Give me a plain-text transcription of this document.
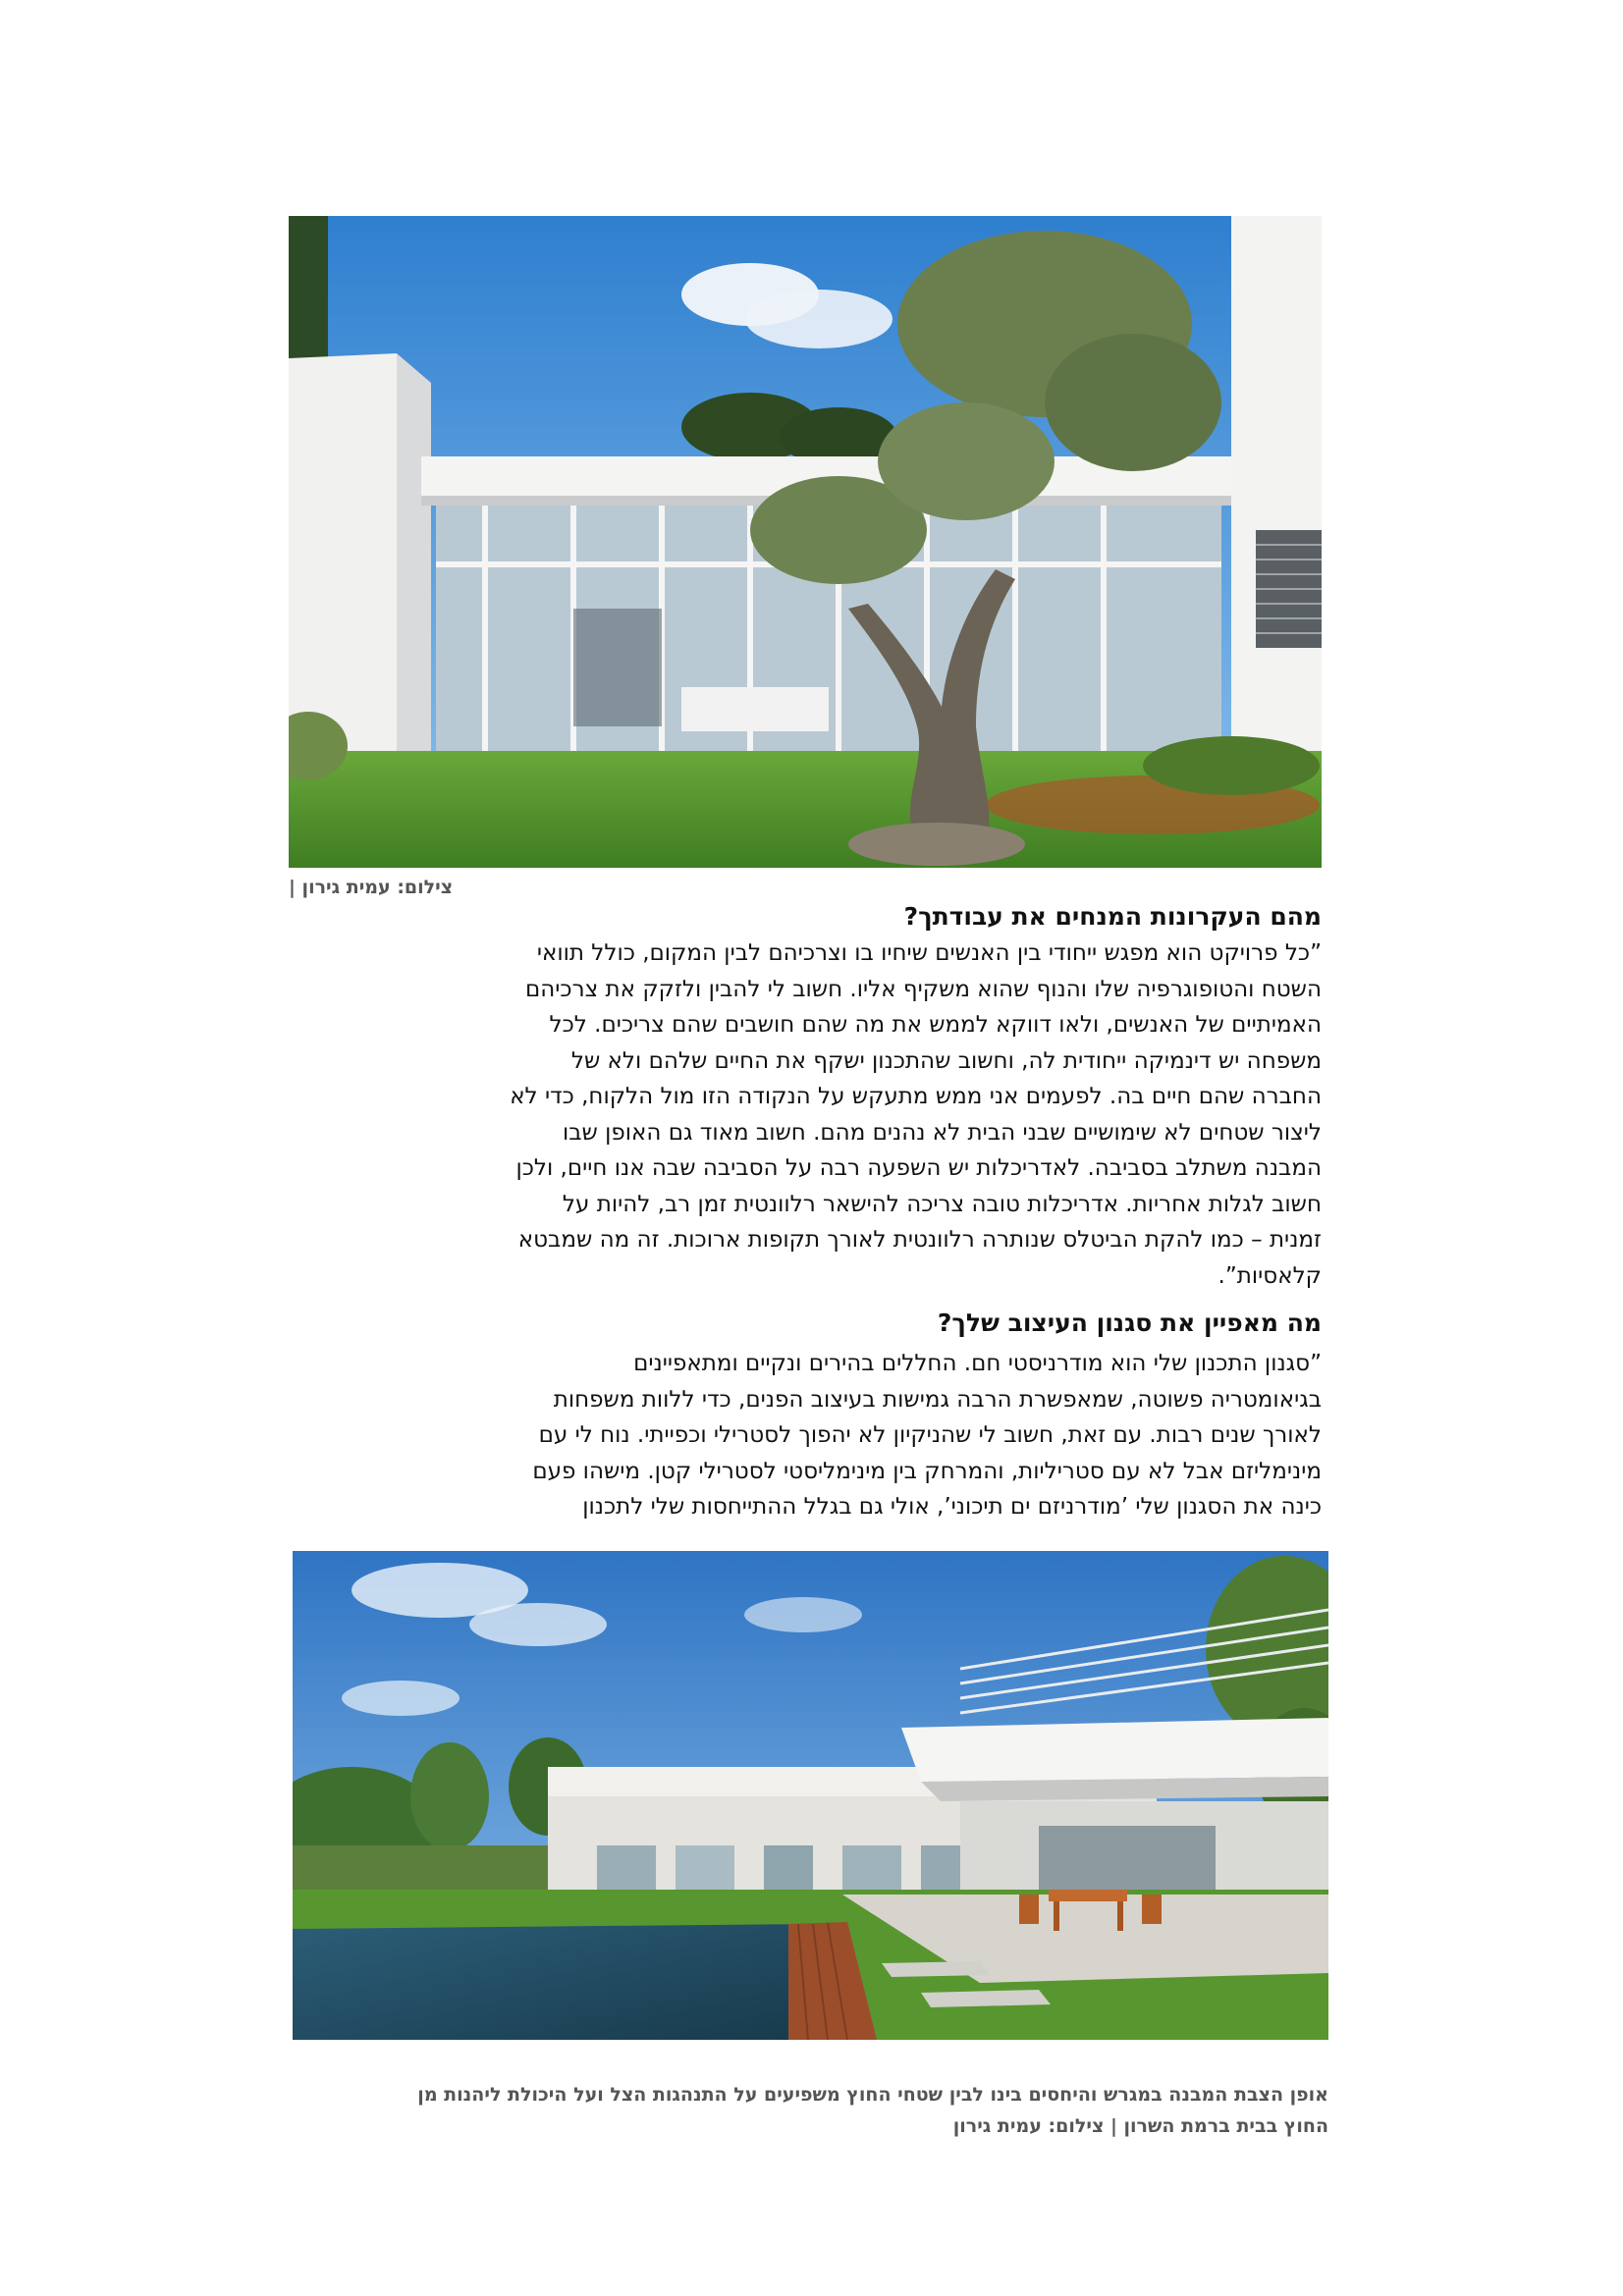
צילום: עמית גירון |
מהם העקרונות המנחים את עבודתך?
”כל פרויקט הוא מפגש ייחודי בין האנשים שיחיו בו וצרכיהם לבין המקום, כולל תוואי
השטח והטופוגרפיה שלו והנוף שהוא משקיף אליו. חשוב לי להבין ולזקק את צרכיהם
האמיתיים של האנשים, ולאו דווקא לממש את מה שהם חושבים שהם צריכים. לכל
משפחה יש דינמיקה ייחודית לה, וחשוב שהתכנון ישקף את החיים שלהם ולא של
החברה שהם חיים בה. לפעמים אני ממש מתעקש על הנקודה הזו מול הלקוח, כדי לא
ליצור שטחים לא שימושיים שבני הבית לא נהנים מהם. חשוב מאוד גם האופן שבו
המבנה משתלב בסביבה. לאדריכלות יש השפעה רבה על הסביבה שבה אנו חיים, ולכן
חשוב לגלות אחריות. אדריכלות טובה צריכה להישאר רלוונטית זמן רב, להיות על
זמנית – כמו להקת הביטלס שנותרה רלוונטית לאורך תקופות ארוכות. זה מה שמבטא
קלאסיות”.
מה מאפיין את סגנון העיצוב שלך?
”סגנון התכנון שלי הוא מודרניסטי חם. החללים בהירים ונקיים ומתאפיינים
בגיאומטריה פשוטה, שמאפשרת הרבה גמישות בעיצוב הפנים, כדי ללוות משפחות
לאורך שנים רבות. עם זאת, חשוב לי שהניקיון לא יהפוך לסטרילי וכפייתי. נוח לי עם
מינימליזם אבל לא עם סטריליות, והמרחק בין מינימליסטי לסטרילי קטן. מישהו פעם
כינה את הסגנון שלי ’מודרניזם ים תיכוני’, אולי גם בגלל ההתייחסות שלי לתכנון

אופן הצבת המבנה במגרש והיחסים בינו לבין שטחי החוץ משפיעים על התנהגות הצל ועל היכולת ליהנות מן
החוץ בבית ברמת השרון | צילום: עמית גירון
